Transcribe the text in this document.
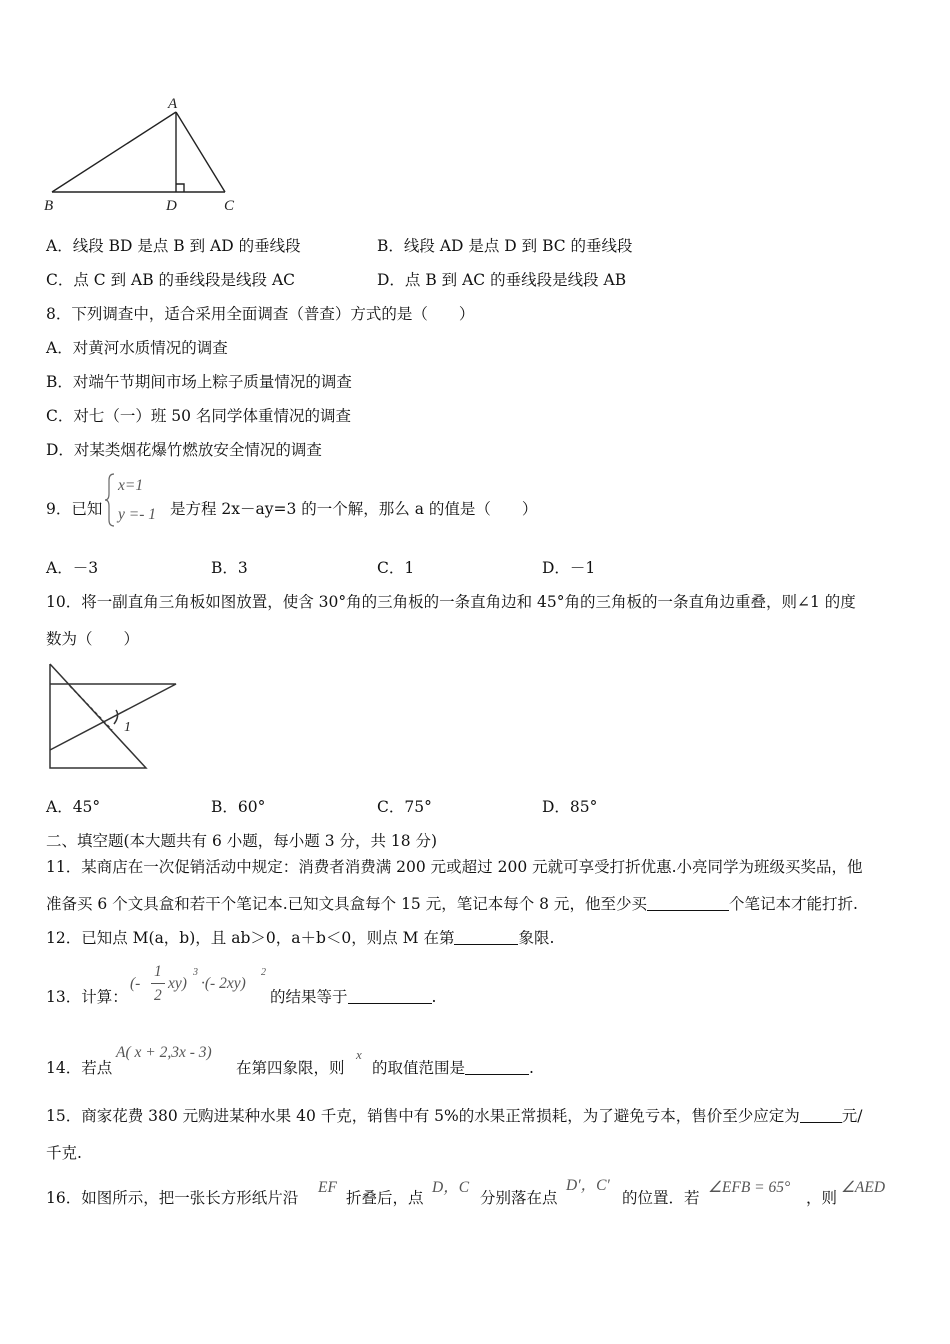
A
B	D	C
A．线段 BD 是点 B 到 AD 的垂线段	B．线段 AD 是点 D 到 BC 的垂线段
C．点 C 到 AB 的垂线段是线段 AC	D．点 B 到 AC 的垂线段是线段 AB
8．下列调查中，适合采用全面调查（普查）方式的是（　　）
A．对黄河水质情况的调查
B．对端午节期间市场上粽子质量情况的调查
C．对七（一）班 50 名同学体重情况的调查
D．对某类烟花爆竹燃放安全情况的调查
9．已知
x=1
y =- 1 是方程 2x－ay=3 的一个解，那么 a 的值是（　　）
A．－3	B．3	C．1	D．－1
10．将一副直角三角板如图放置，使含 30°角的三角板的一条直角边和 45°角的三角板的一条直角边重叠，则∠1 的度
数为（　　）
1
A．45°	B．60°	C．75°	D．85°
二、填空题(本大题共有 6 小题，每小题 3 分，共 18 分)
11．某商店在一次促销活动中规定：消费者消费满 200 元或超过 200 元就可享受打折优惠.小亮同学为班级买奖品，他
准备买 6 个文具盒和若干个笔记本.已知文具盒每个 15 元，笔记本每个 8 元，他至少买	个笔记本才能打折.
12．已知点 M(a，b)，且 ab＞0，a＋b＜0，则点 M 在第	象限.
13．计算：
(-
1
2
xy)
3
·(- 2xy)
2
的结果等于	.
14．若点
A( x + 2,3x - 3)
在第四象限，则
x
的取值范围是	.
15．商家花费 380 元购进某种水果 40 千克，销售中有 5%的水果正常损耗，为了避免亏本，售价至少应定为	元/
千克.
16．如图所示，把一张长方形纸片沿
EF
折叠后，点
D，C
分别落在点
D′，C′
的位置．若
∠EFB = 65°
，则
∠AED
